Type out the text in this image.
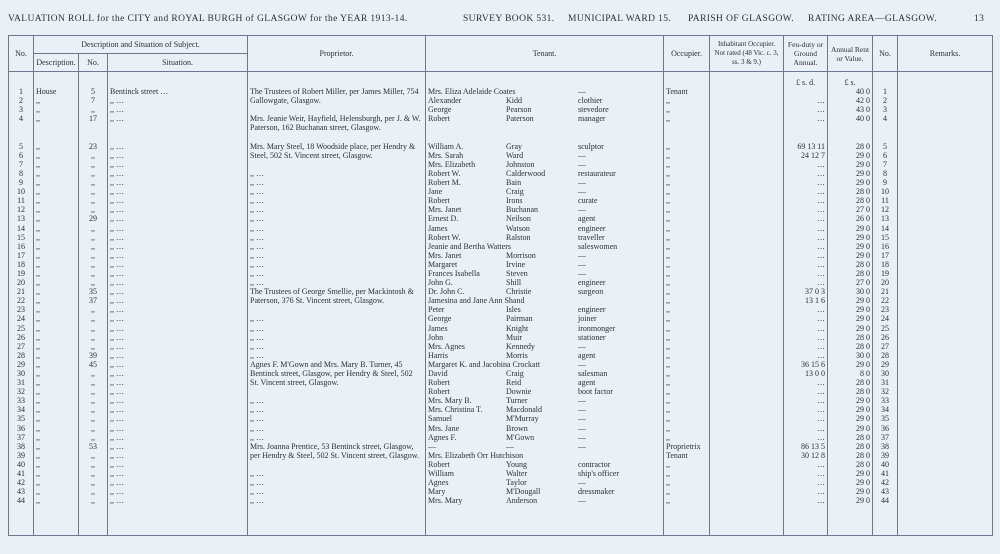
VALUATION ROLL for the CITY and ROYAL BURGH of GLASGOW for the YEAR 1913-14.	SURVEY BOOK 531. MUNICIPAL WARD 15. PARISH OF GLASGOW. RATING AREA—GLASGOW.	13
No.	Description and Situation of Subject.			Proprietor.	Tenant.	Occupier.	Inhabitant Occupier. Not rated (48 Vic. c. 3, ss. 3 & 9.)	Feu-duty or Ground Annual.	Annual Rent or Value.	No.	Remarks.
	Description.	No.	Situation.								
								£ s. d.	£ s.		
1	House	5	Bentinck street …	The Trustees of Robert Miller, per James Miller, 754 Gallowgate, Glasgow.	Mrs. Eliza Adelaide Coates —	Tenant			40 0	1	
2	,,	7	,, …		Alexander Kidd clothier	,,		…	42 0	2	
3	,,	,,	,, …		George Pearson stevedore	,,		…	43 0	3	
4	,,	17	,, …	Mrs. Jeanie Weir, Hayfield, Helensburgh, per J. & W. Paterson, 162 Buchanan street, Glasgow.	Robert Paterson manager	,,		…	40 0	4	

5	,,	23	,, …	Mrs. Mary Steel, 18 Woodside place, per Hendry & Steel, 502 St. Vincent street, Glasgow.	William A. Gray sculptor	,,		69 13 11	28 0	5	
6	,,	,,	,, …		Mrs. Sarah Ward —	,,		24 12 7	29 0	6	
7	,,	,,	,, …		Mrs. Elizabeth Johnston —	,,		…	29 0	7	
8	,,	,,	,, …	,, …	Robert W. Calderwood restaurateur	,,		…	29 0	8	
9	,,	,,	,, …	,, …	Robert M. Bain —	,,		…	29 0	9	
10	,,	,,	,, …	,, …	Jane Craig —	,,		…	28 0	10	
11	,,	,,	,, …	,, …	Robert Irons curate	,,		…	28 0	11	
12	,,	,,	,, …	,, …	Mrs. Janet Buchanan —	,,		…	27 0	12	
13	,,	29	,, …	,, …	Ernest D. Neilson agent	,,		…	26 0	13	
14	,,	,,	,, …	,, …	James Watson engineer	,,		…	29 0	14	
15	,,	,,	,, …	,, …	Robert W. Ralston traveller	,,		…	29 0	15	
16	,,	,,	,, …	,, …	Jeanie and Bertha Watters saleswomen	,,		…	29 0	16	
17	,,	,,	,, …	,, …	Mrs. Janet Morrison —	,,		…	29 0	17	
18	,,	,,	,, …	,, …	Margaret Irvine —	,,		…	28 0	18	
19	,,	,,	,, …	,, …	Frances Isabella Steven —	,,		…	28 0	19	
20	,,	,,	,, …	,, …	John G. Shill engineer	,,		…	27 0	20	
21	,,	35	,, …	The Trustees of George Smellie, per Mackintosh & Paterson, 376 St. Vincent street, Glasgow.	Dr. John C. Christie surgeon	,,		37 0 3	30 0	21	
22	,,	37	,, …		Jamesina and Jane Ann Shand	,,		13 1 6	29 0	22	
23	,,	,,	,, …		Peter Isles engineer	,,		…	29 0	23	
24	,,	,,	,, …	,, …	George Pairman joiner	,,		…	29 0	24	
25	,,	,,	,, …	,, …	James Knight ironmonger	,,		…	29 0	25	
26	,,	,,	,, …	,, …	John Muir stationer	,,		…	28 0	26	
27	,,	,,	,, …	,, …	Mrs. Agnes Kennedy —	,,		…	28 0	27	
28	,,	39	,, …	,, …	Harris Morris agent	,,		…	30 0	28	
29	,,	45	,, …	Agnes F. M'Gown and Mrs. Mary B. Turner, 45 Bentinck street, Glasgow, per Hendry & Steel, 502 St. Vincent street, Glasgow.	Margaret K. and Jacobina Crockatt —	,,		36 15 6	29 0	29	
30	,,	,,	,, …		David Craig salesman	,,		13 0 0	8 0	30	
31	,,	,,	,, …		Robert Reid agent	,,		…	28 0	31	
32	,,	,,	,, …		Robert Downie boot factor	,,		…	28 0	32	
33	,,	,,	,, …	,, …	Mrs. Mary B. Turner —	,,		…	29 0	33	
34	,,	,,	,, …	,, …	Mrs. Christina T. Macdonald —	,,		…	29 0	34	
35	,,	,,	,, …	,, …	Samuel M'Murray —	,,		…	29 0	35	
36	,,	,,	,, …	,, …	Mrs. Jane Brown —	,,		…	29 0	36	
37	,,	,,	,, …	,, …	Agnes F. M'Gown —	,,		…	28 0	37	
38	,,	53	,, …	Mrs. Joanna Prentice, 53 Bentinck street, Glasgow, per Hendry & Steel, 502 St. Vincent street, Glasgow.	— — —	Proprietrix		86 13 5	28 0	38	
39	,,	,,	,, …		Mrs. Elizabeth Orr Hutchison	Tenant		30 12 8	28 0	39	
40	,,	,,	,, …		Robert Young contractor	,,		…	28 0	40	
41	,,	,,	,, …	,, …	William Walter ship's officer	,,		…	29 0	41	
42	,,	,,	,, …	,, …	Agnes Taylor —	,,		…	29 0	42	
43	,,	,,	,, …	,, …	Mary M'Dougall dressmaker	,,		…	29 0	43	
44	,,	,,	,, …	,, …	Mrs. Mary Anderson —	,,		…	29 0	44	
